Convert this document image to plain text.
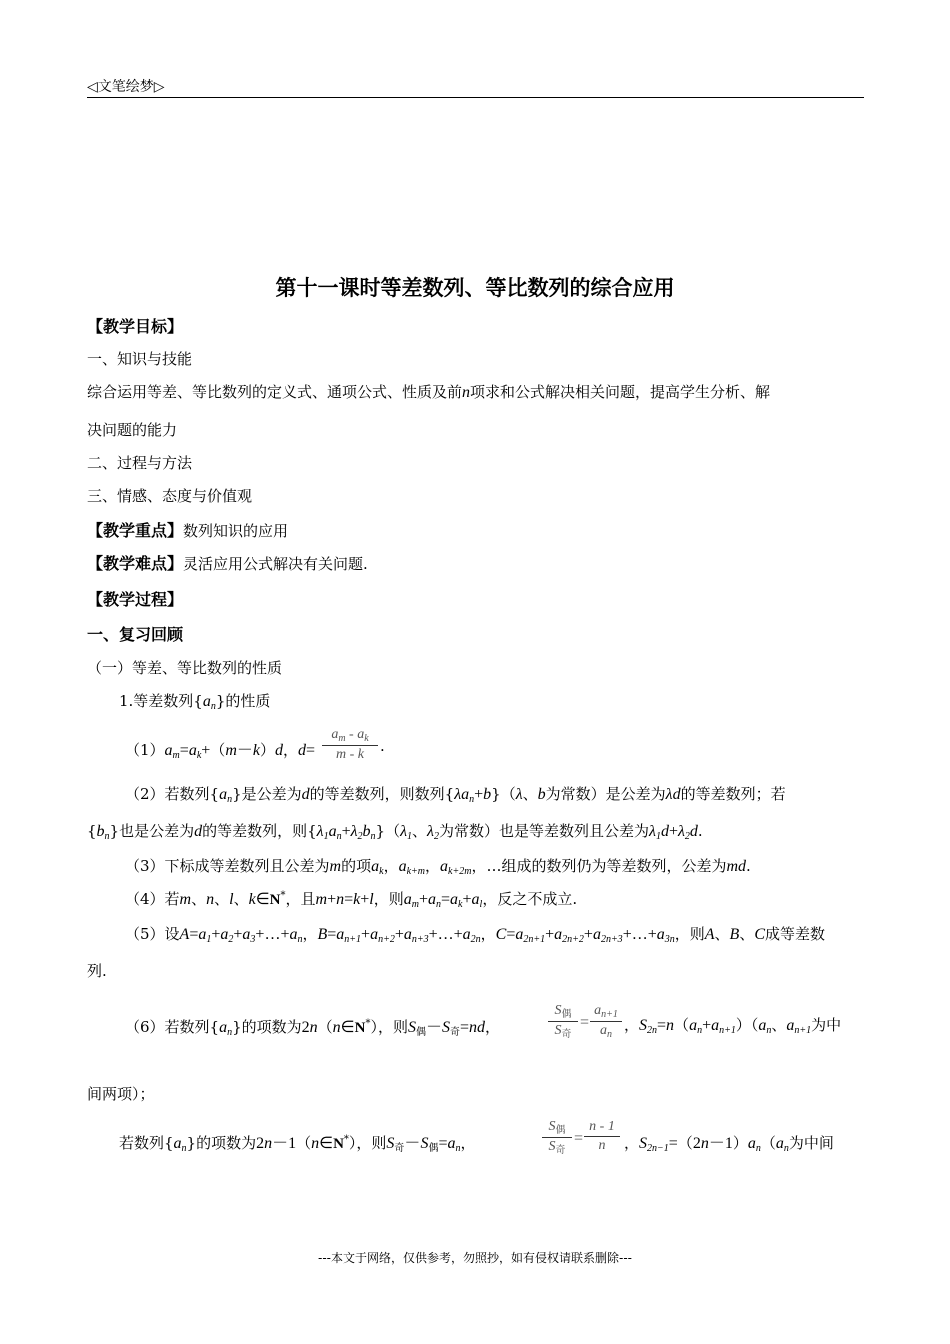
◁文笔绘梦▷
第十一课时等差数列、等比数列的综合应用
【教学目标】
一、知识与技能
综合运用等差、等比数列的定义式、通项公式、性质及前n项求和公式解决相关问题，提高学生分析、解
决问题的能力
二、过程与方法
三、情感、态度与价值观
【教学重点】数列知识的应用
【教学难点】灵活应用公式解决有关问题.
【教学过程】
一、复习回顾
（一）等差、等比数列的性质
1.等差数列$\{a_n\}$的性质
$(1)a_m=a_k+(m-k)d$，d=
$a_m - a_k$
m - k	.
（2）若数列$\{a_n\}$是公差为d的等差数列，则数列$\{\lambda a_n+b\}(\lambda$、b为常数）是公差为λd的等差数列；若
$\{b_n\}$也是公差为d的等差数列，则$\{\lambda_1a_n+\lambda_2b_n\}(\lambda_1$、$\lambda_2$为常数）也是等差数列且公差为$\lambda_1d+\lambda_2d$.
（3）下标成等差数列且公差为m的项$a_k$，$a_{k+m}$，$a_{k+2m}$，…组成的数列仍为等差数列，公差为md.
（4）若m、n、l、k∈N*，且m+n=k+l，则$a_m+a_n=a_k+a_l$，反之不成立.
（5）设$A=a_1+a_2+a_3+\dots+a_n$，$B=a_{n+1}+a_{n+2}+a_{n+3}+\dots+a_{2n}$，$C=a_{2n+1}+a_{2n+2}+a_{2n+3}+\dots+a_{3n}$，则A、B、C成等差数
列.
（6）若数列$\{a_n\}$的项数为2n（n∈N*），则$S_偶-S_奇=nd$，
$S_偶$
$S_奇$
=
$a_{n+1}$
$a_n$
，$S_{2n}=n(a_n+a_{n+1})(a_n$、$a_{n+1}$为中
间两项）；
若数列$\{a_n\}$的项数为2n－1（n∈N*），则$S_奇-S_偶=a_n$，
$S_偶$
$S_奇$
=
n - 1
n	，$S_{2n-1}=(2n-1)a_n(a_n$为中间
---本文于网络，仅供参考，勿照抄，如有侵权请联系删除---
